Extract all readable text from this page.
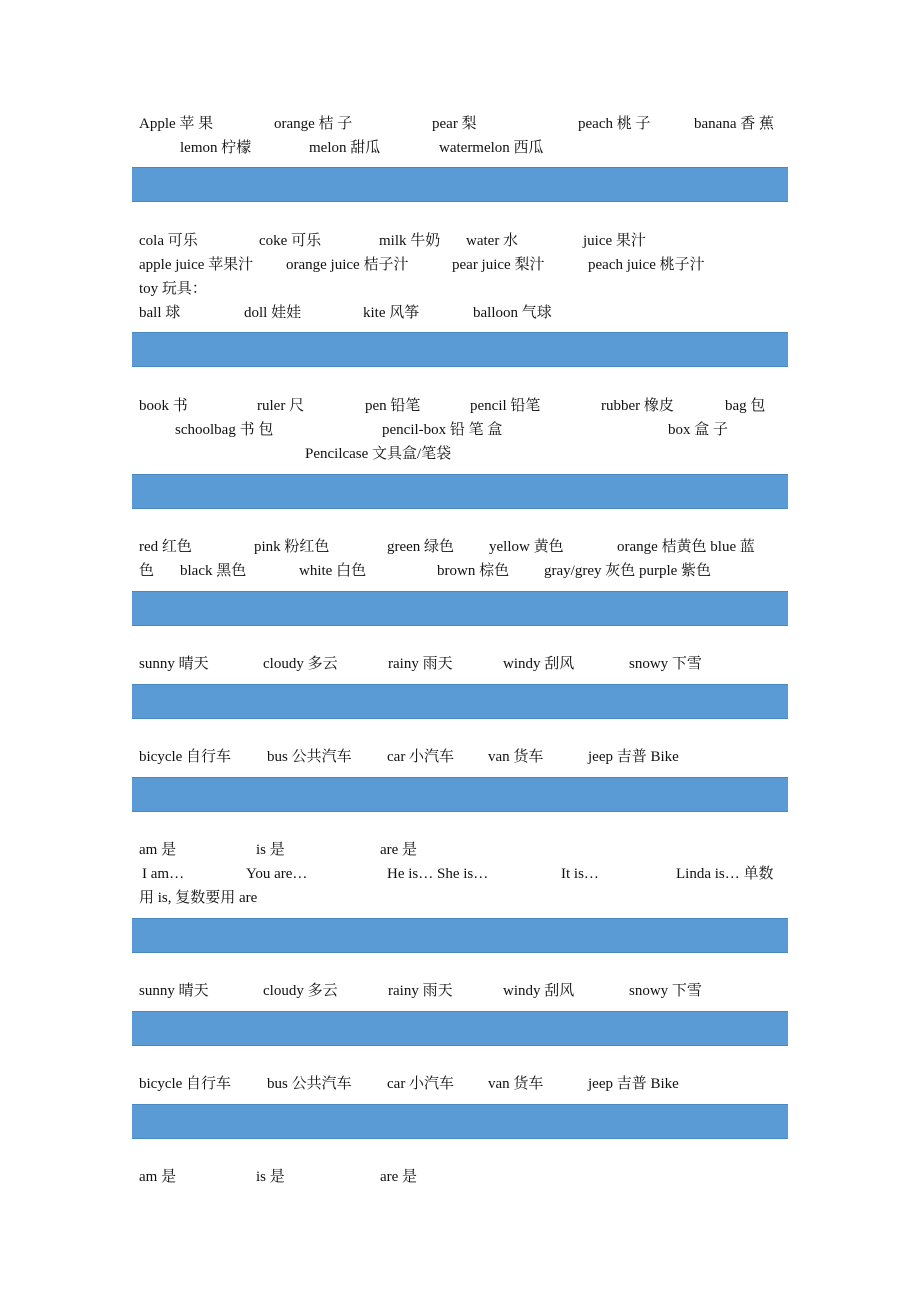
Apple 苹 果	orange 桔 子	pear 梨	peach 桃 子	banana 香 蕉
lemon 柠檬	melon 甜瓜	watermelon 西瓜
cola 可乐	coke 可乐	milk 牛奶 water 水	juice 果汁
apple juice 苹果汁 orange juice 桔子汁	pear juice 梨汁	peach juice 桃子汁
toy 玩具：
ball 球	doll 娃娃	kite 风筝	balloon 气球
book 书	ruler 尺	pen 铅笔	pencil 铅笔	rubber 橡皮	bag 包
schoolbag 书 包	pencil-box 铅 笔 盒	box 盒 子
Pencilcase 文具盒/笔袋
red 红色	pink 粉红色	green 绿色 yellow 黄色	orange 桔黄色 blue 蓝
色 black 黑色	white 白色	brown 棕色 gray/grey 灰色 purple 紫色
sunny 晴天	cloudy 多云	rainy 雨天	windy 刮风	snowy 下雪
bicycle 自行车 bus 公共汽车 car 小汽车 van 货车	jeep 吉普 Bike
am 是	is 是	are 是
I am…	You are…	He is… She is…	It is…	Linda is… 单数
用 is, 复数要用 are
sunny 晴天	cloudy 多云	rainy 雨天	windy 刮风	snowy 下雪
bicycle 自行车 bus 公共汽车 car 小汽车 van 货车	jeep 吉普 Bike
am 是	is 是	are 是
